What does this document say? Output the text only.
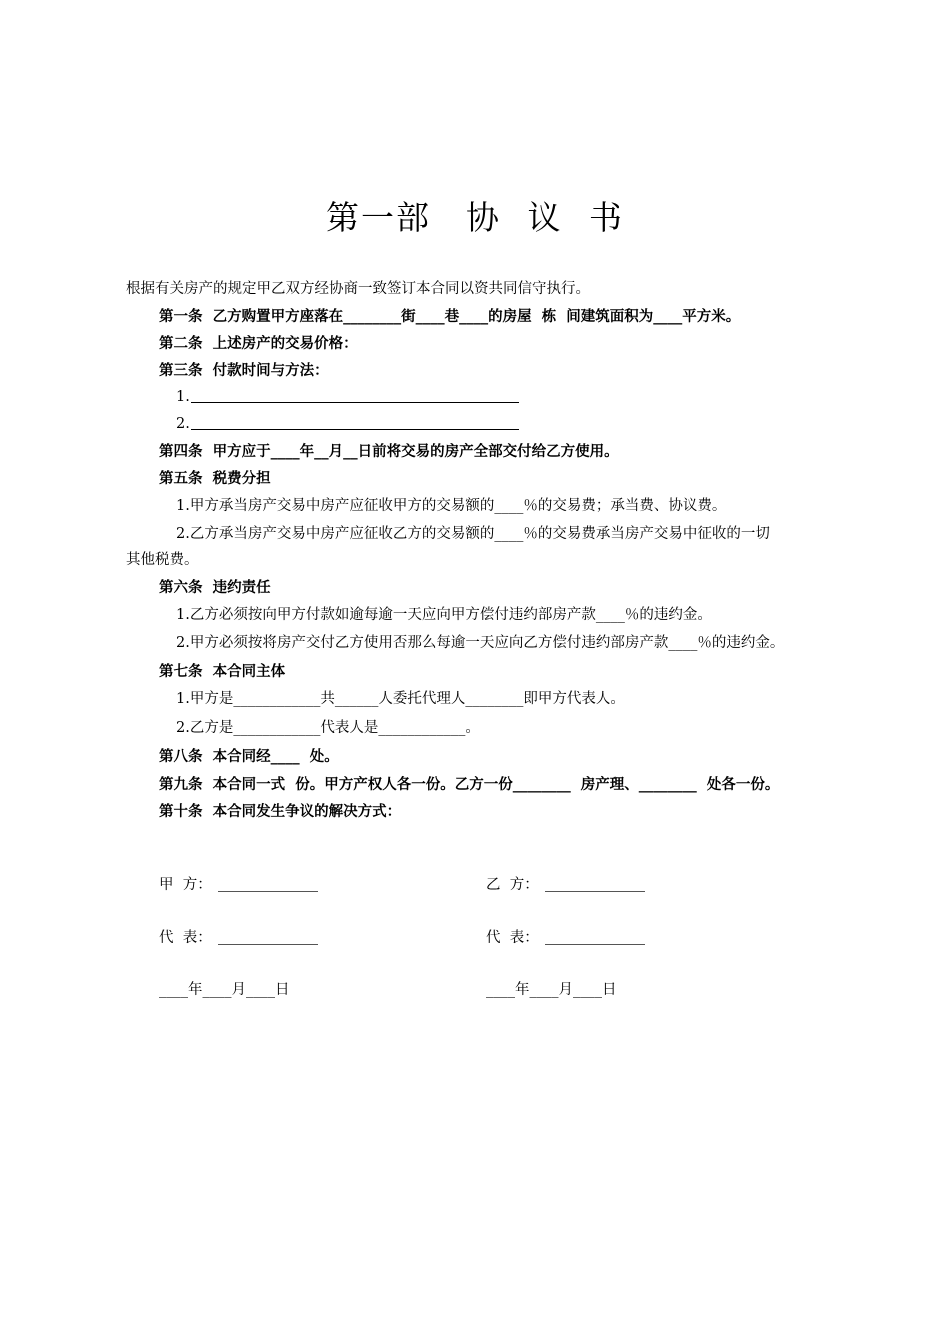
第一部　协 议 书
根据有关房产的规定甲乙双方经协商一致签订本合同以资共同信守执行。
第一条  乙方购置甲方座落在________街____巷____的房屋  栋  间建筑面积为____平方米。
第二条  上述房产的交易价格：
第三条  付款时间与方法：
1.
2.
第四条  甲方应于____年__月__日前将交易的房产全部交付给乙方使用。
第五条  税费分担
1.甲方承当房产交易中房产应征收甲方的交易额的____％的交易费；承当费、协议费。
2.乙方承当房产交易中房产应征收乙方的交易额的____％的交易费承当房产交易中征收的一切
其他税费。
第六条  违约责任
1.乙方必须按向甲方付款如逾每逾一天应向甲方偿付违约部房产款____％的违约金。
2.甲方必须按将房产交付乙方使用否那么每逾一天应向乙方偿付违约部房产款____％的违约金。
第七条  本合同主体
1.甲方是____________共______人委托代理人________即甲方代表人。
2.乙方是____________代表人是____________。
第八条  本合同经____  处。
第九条  本合同一式  份。甲方产权人各一份。乙方一份________  房产理、________  处各一份。
第十条  本合同发生争议的解决方式：
甲  方：
代  表：
____年____月____日
乙  方：
代  表：
____年____月____日
